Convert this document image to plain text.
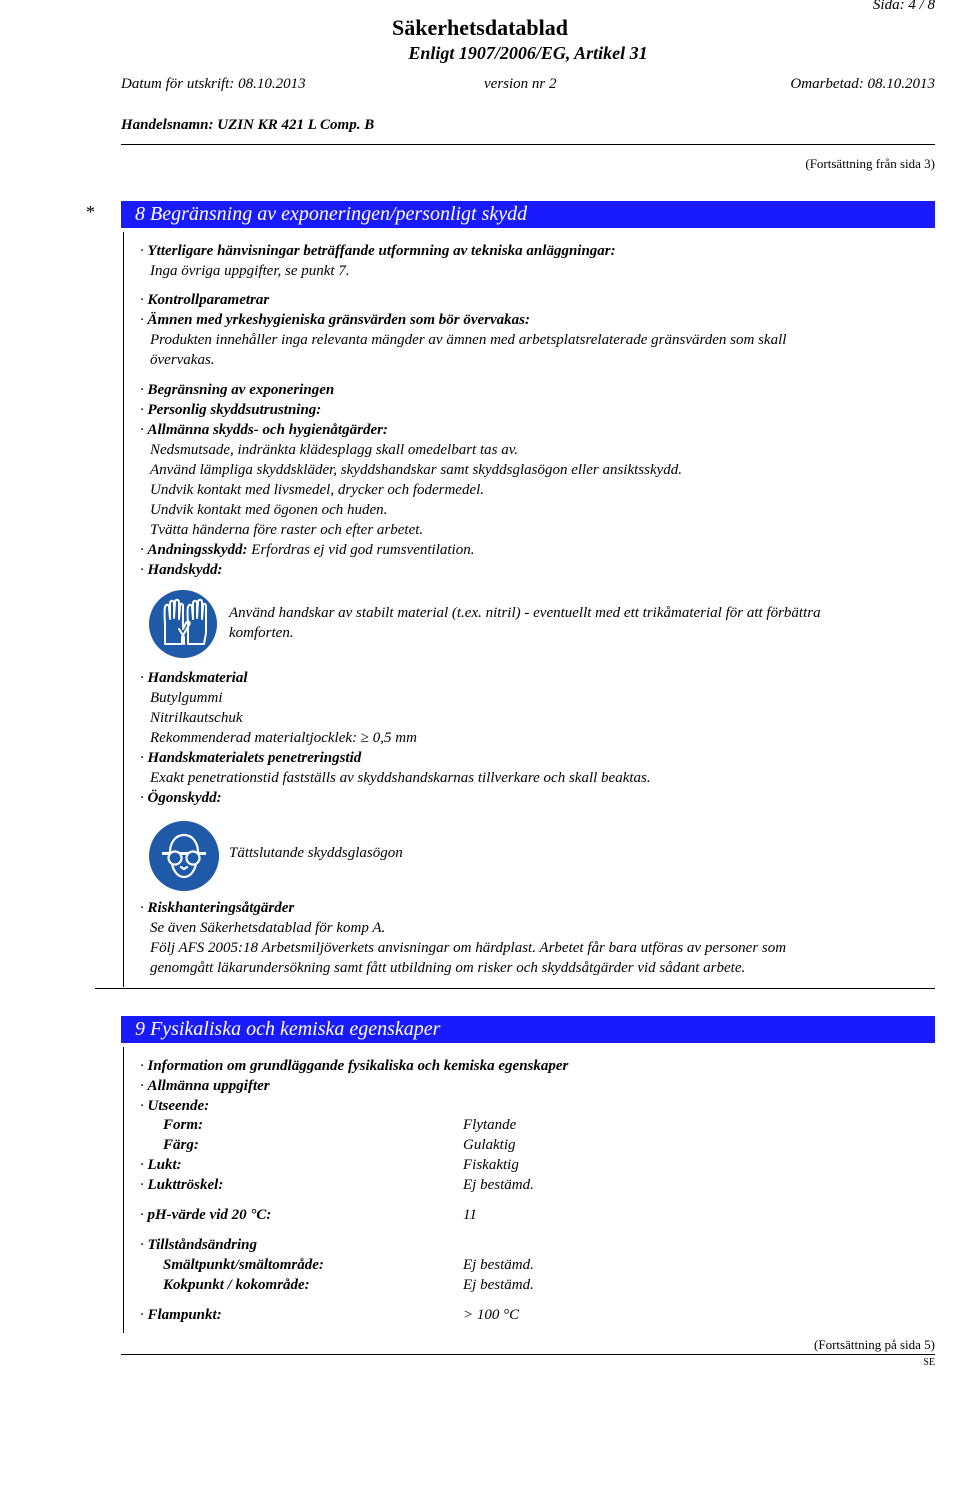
Sida: 4 / 8
Säkerhetsdatablad
Enligt 1907/2006/EG, Artikel 31
Datum för utskrift: 08.10.2013	version nr 2	Omarbetad: 08.10.2013
Handelsnamn: UZIN KR 421 L Comp. B
(Fortsättning från sida 3)
*	8 Begränsning av exponeringen/personligt skydd
· Ytterligare hänvisningar beträffande utformning av tekniska anläggningar:
Inga övriga uppgifter, se punkt 7.
· Kontrollparametrar
· Ämnen med yrkeshygieniska gränsvärden som bör övervakas:
Produkten innehåller inga relevanta mängder av ämnen med arbetsplatsrelaterade gränsvärden som skall
övervakas.
· Begränsning av exponeringen
· Personlig skyddsutrustning:
· Allmänna skydds- och hygienåtgärder:
Nedsmutsade, indränkta klädesplagg skall omedelbart tas av.
Använd lämpliga skyddskläder, skyddshandskar samt skyddsglasögon eller ansiktsskydd.
Undvik kontakt med livsmedel, drycker och fodermedel.
Undvik kontakt med ögonen och huden.
Tvätta händerna före raster och efter arbetet.
· Andningsskydd: Erfordras ej vid god rumsventilation.
· Handskydd:
Använd handskar av stabilt material (t.ex. nitril) - eventuellt med ett trikåmaterial för att förbättra
komforten.
· Handskmaterial
Butylgummi
Nitrilkautschuk
Rekommenderad materialtjocklek: ≥ 0,5 mm
· Handskmaterialets penetreringstid
Exakt penetrationstid fastställs av skyddshandskarnas tillverkare och skall beaktas.
· Ögonskydd:
Tättslutande skyddsglasögon
· Riskhanteringsåtgärder
Se även Säkerhetsdatablad för komp A.
Följ AFS 2005:18 Arbetsmiljöverkets anvisningar om härdplast. Arbetet får bara utföras av personer som
genomgått läkarundersökning samt fått utbildning om risker och skyddsåtgärder vid sådant arbete.
9 Fysikaliska och kemiska egenskaper
· Information om grundläggande fysikaliska och kemiska egenskaper
· Allmänna uppgifter
· Utseende:
Form:	Flytande
Färg:	Gulaktig
· Lukt:	Fiskaktig
· Lukttröskel:	Ej bestämd.
· pH-värde vid 20 °C:	11
· Tillståndsändring
Smältpunkt/smältområde:	Ej bestämd.
Kokpunkt / kokområde:	Ej bestämd.
· Flampunkt:	> 100 °C
(Fortsättning på sida 5)
SE
